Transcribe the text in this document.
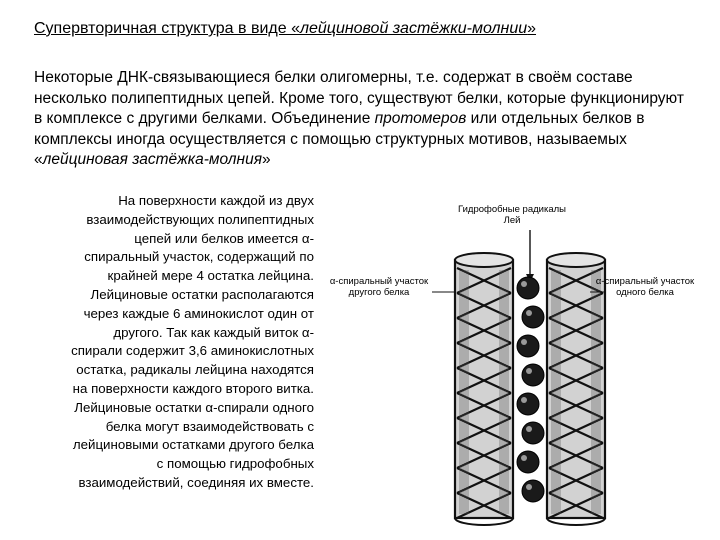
Супервторичная структура в виде «лейциновой застёжки-молнии»
Некоторые ДНК-связывающиеся белки олигомерны, т.е. содержат в своём составе несколько полипептидных цепей. Кроме того, существуют белки, которые функционируют в комплексе с другими белками. Объединение протомеров или отдельных белков в комплексы иногда осуществляется с помощью структурных мотивов, называемых «лейциновая застёжка-молния»
На поверхности каждой из двух
взаимодействующих полипептидных
цепей или белков имеется α-
спиральный участок, содержащий по
крайней мере 4 остатка лейцина.
Лейциновые остатки располагаются
через каждые 6 аминокислот один от
другого. Так как каждый виток α-
спирали содержит 3,6 аминокислотных
остатка, радикалы лейцина находятся
на поверхности каждого второго витка.
Лейциновые остатки α-спирали одного
белка могут взаимодействовать с
лейциновыми остатками другого белка
с помощью гидрофобных
взаимодействий, соединяя их вместе.
Гидрофобные радикалы
Лей
α-спиральный участок
другого белка
α-спиральный участок
одного белка
